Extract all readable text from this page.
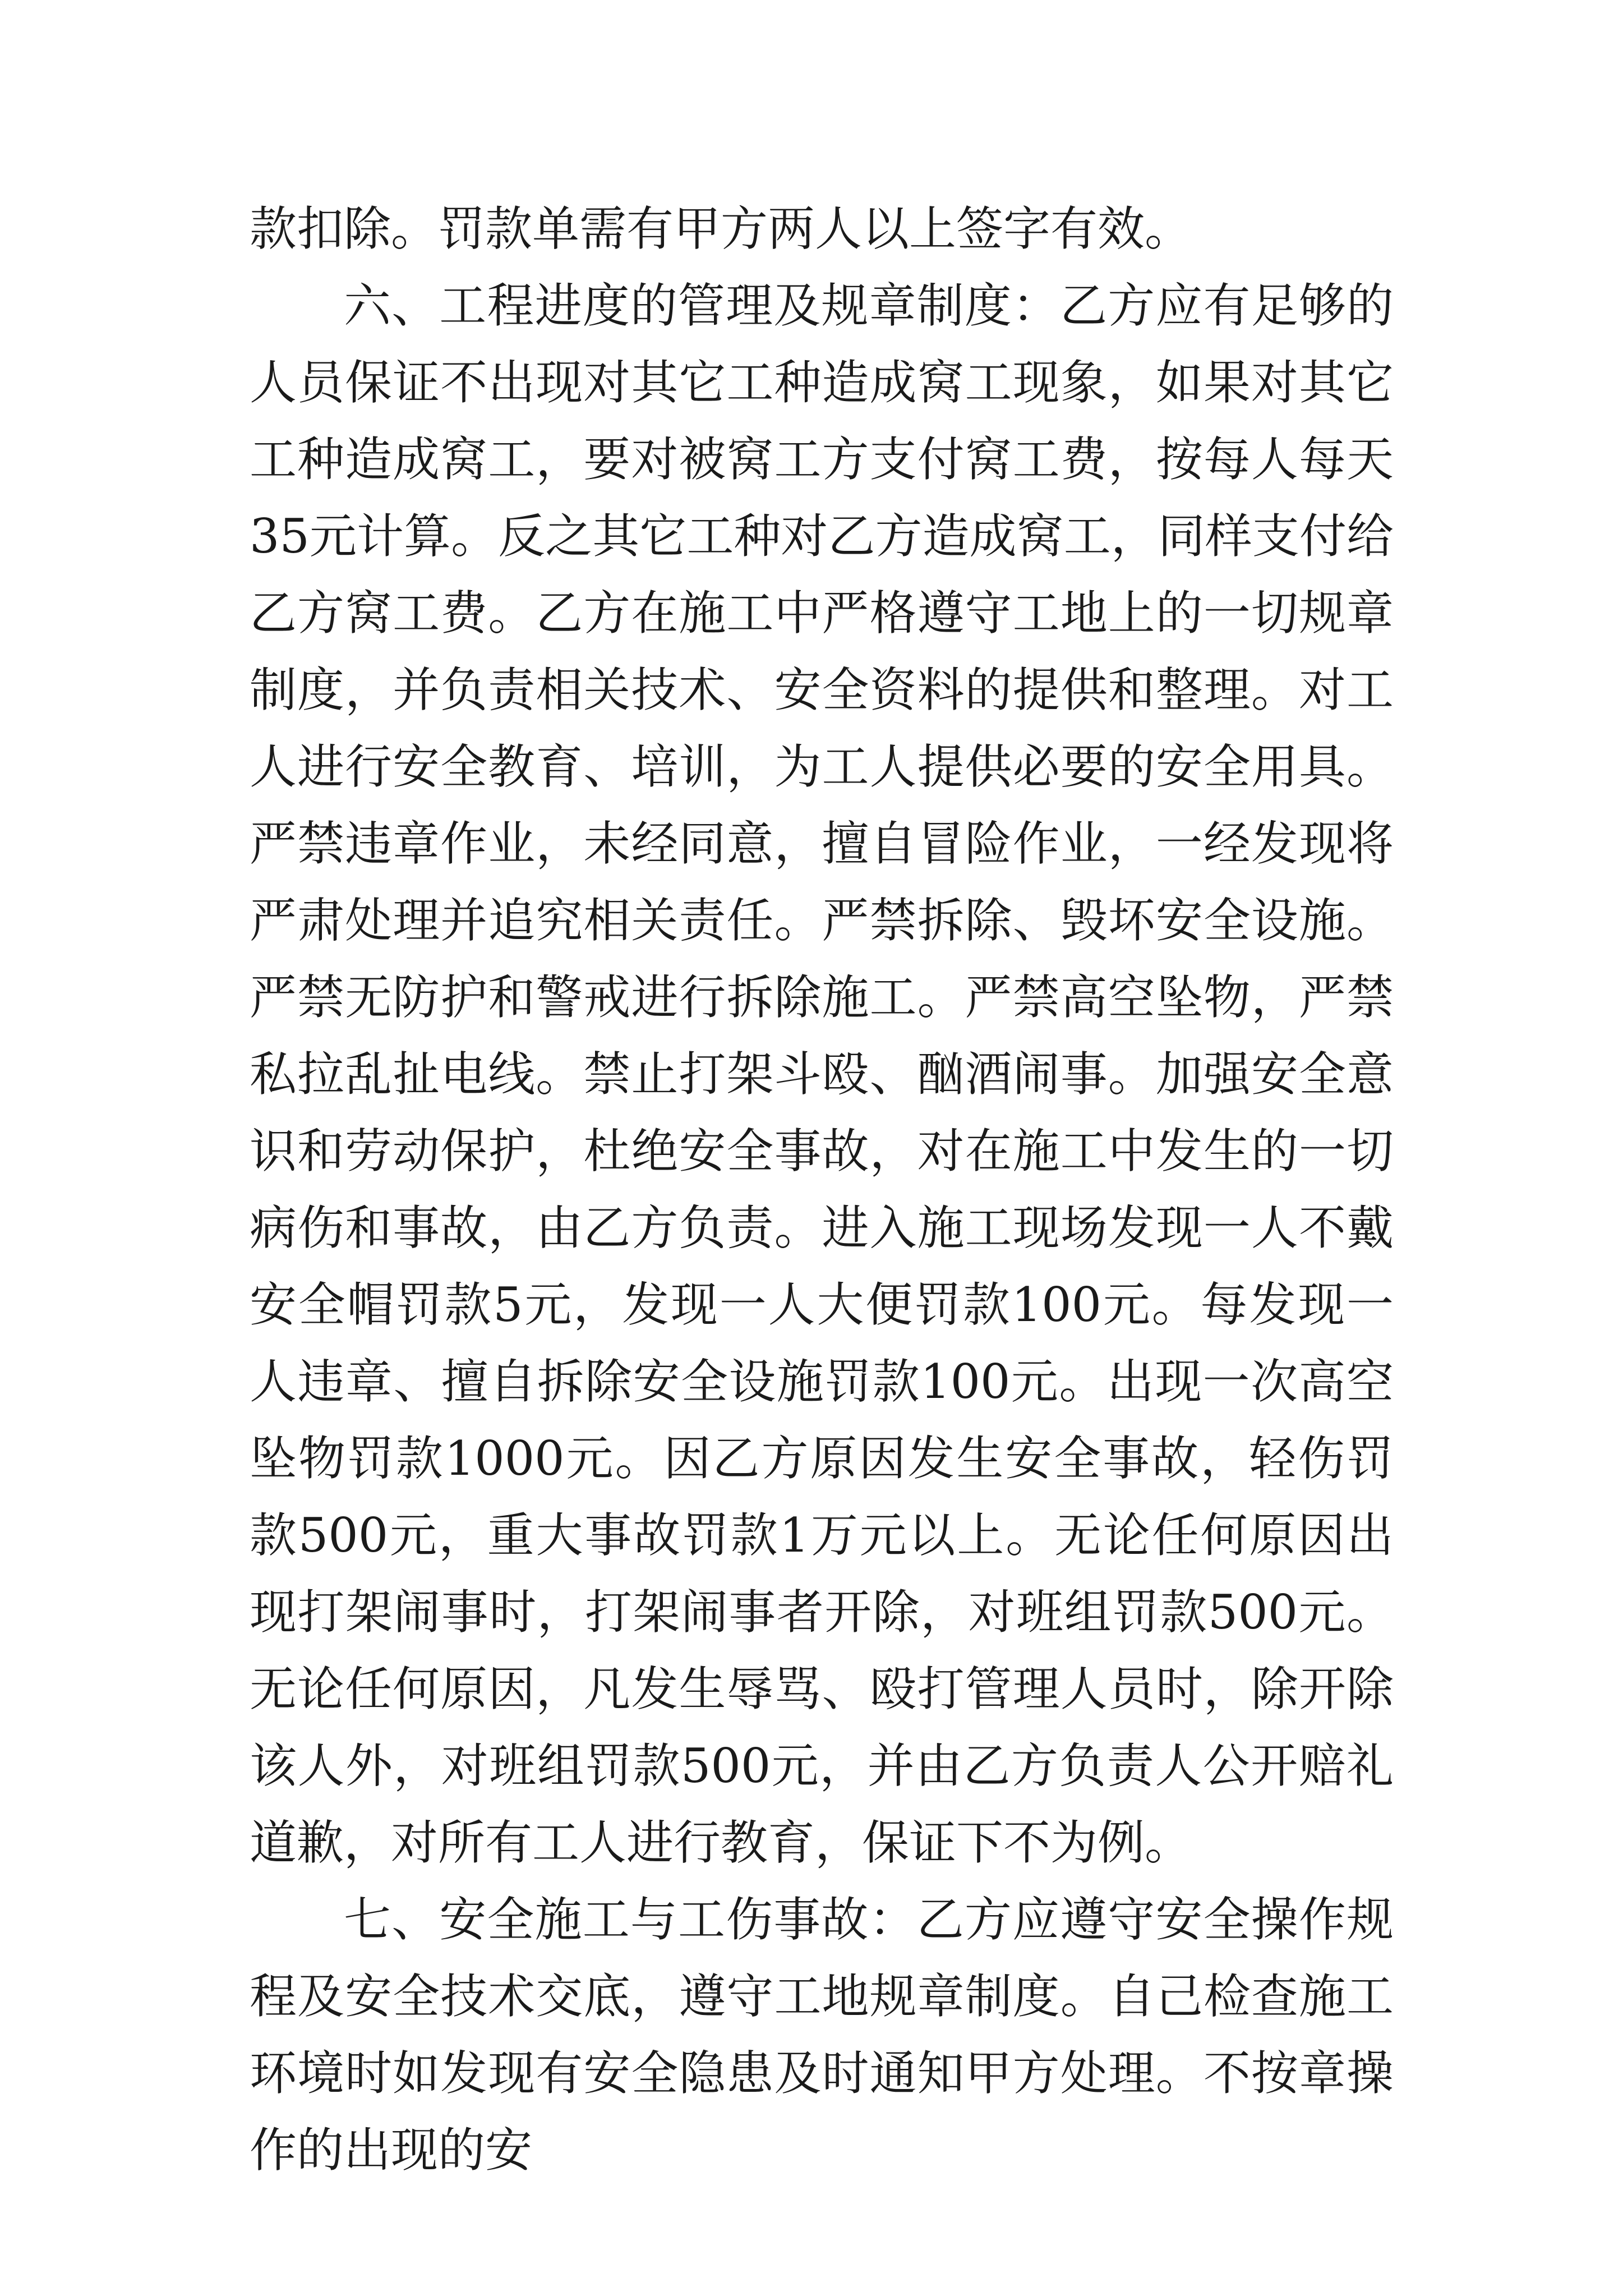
款扣除。罚款单需有甲方两人以上签字有效。

六、工程进度的管理及规章制度：乙方应有足够的人员保证不出现对其它工种造成窝工现象，如果对其它工种造成窝工，要对被窝工方支付窝工费，按每人每天35元计算。反之其它工种对乙方造成窝工，同样支付给乙方窝工费。乙方在施工中严格遵守工地上的一切规章制度，并负责相关技术、安全资料的提供和整理。对工人进行安全教育、培训，为工人提供必要的安全用具。严禁违章作业，未经同意，擅自冒险作业，一经发现将严肃处理并追究相关责任。严禁拆除、毁坏安全设施。严禁无防护和警戒进行拆除施工。严禁高空坠物，严禁私拉乱扯电线。禁止打架斗殴、酗酒闹事。加强安全意识和劳动保护，杜绝安全事故，对在施工中发生的一切病伤和事故，由乙方负责。进入施工现场发现一人不戴安全帽罚款5元，发现一人大便罚款100元。每发现一人违章、擅自拆除安全设施罚款100元。出现一次高空坠物罚款1000元。因乙方原因发生安全事故，轻伤罚款500元，重大事故罚款1万元以上。无论任何原因出现打架闹事时，打架闹事者开除，对班组罚款500元。无论任何原因，凡发生辱骂、殴打管理人员时，除开除该人外，对班组罚款500元，并由乙方负责人公开赔礼道歉，对所有工人进行教育，保证下不为例。

七、安全施工与工伤事故：乙方应遵守安全操作规程及安全技术交底，遵守工地规章制度。自己检查施工环境时如发现有安全隐患及时通知甲方处理。不按章操作的出现的安
